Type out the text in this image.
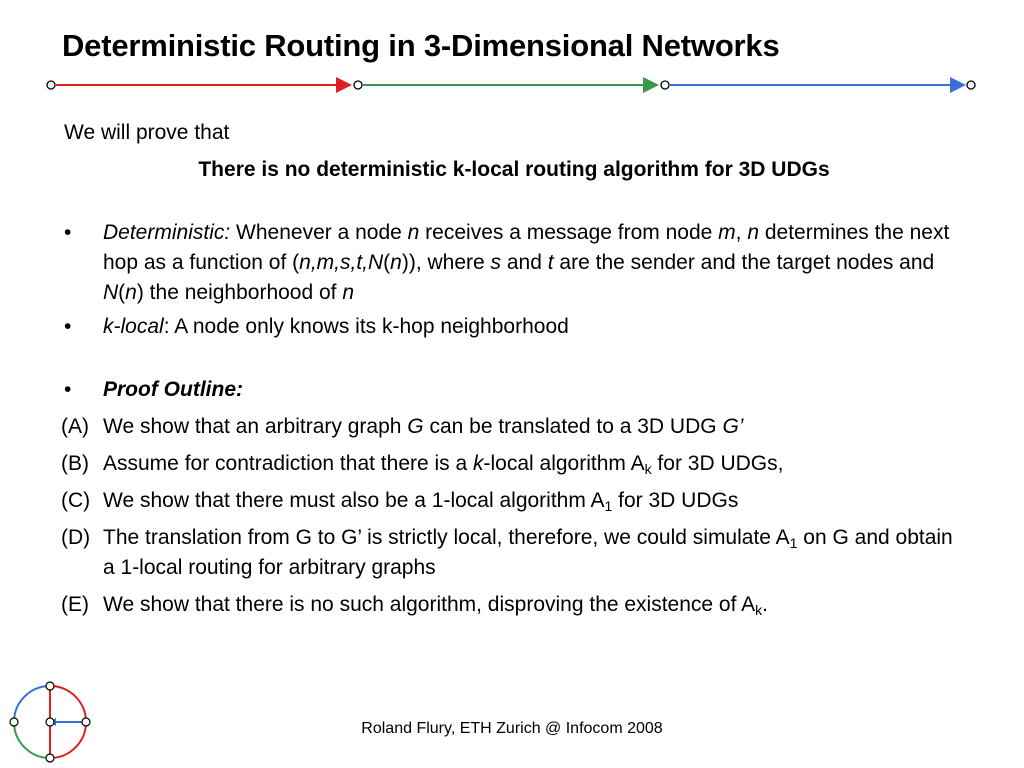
Deterministic Routing in 3-Dimensional Networks

We will prove that

There is no deterministic k-local routing algorithm for 3D UDGs

• Deterministic: Whenever a node n receives a message from node m, n determines the next hop as a function of (n,m,s,t,N(n)), where s and t are the sender and the target nodes and N(n) the neighborhood of n
• k-local: A node only knows its k-hop neighborhood
• Proof Outline:
(A) We show that an arbitrary graph G can be translated to a 3D UDG G’
(B) Assume for contradiction that there is a k-local algorithm $A_k$ for 3D UDGs,
(C) We show that there must also be a 1-local algorithm $A_1$ for 3D UDGs
(D) The translation from G to G’ is strictly local, therefore, we could simulate $A_1$ on G and obtain a 1-local routing for arbitrary graphs
(E) We show that there is no such algorithm, disproving the existence of $A_k$.
Roland Flury, ETH Zurich @ Infocom 2008
